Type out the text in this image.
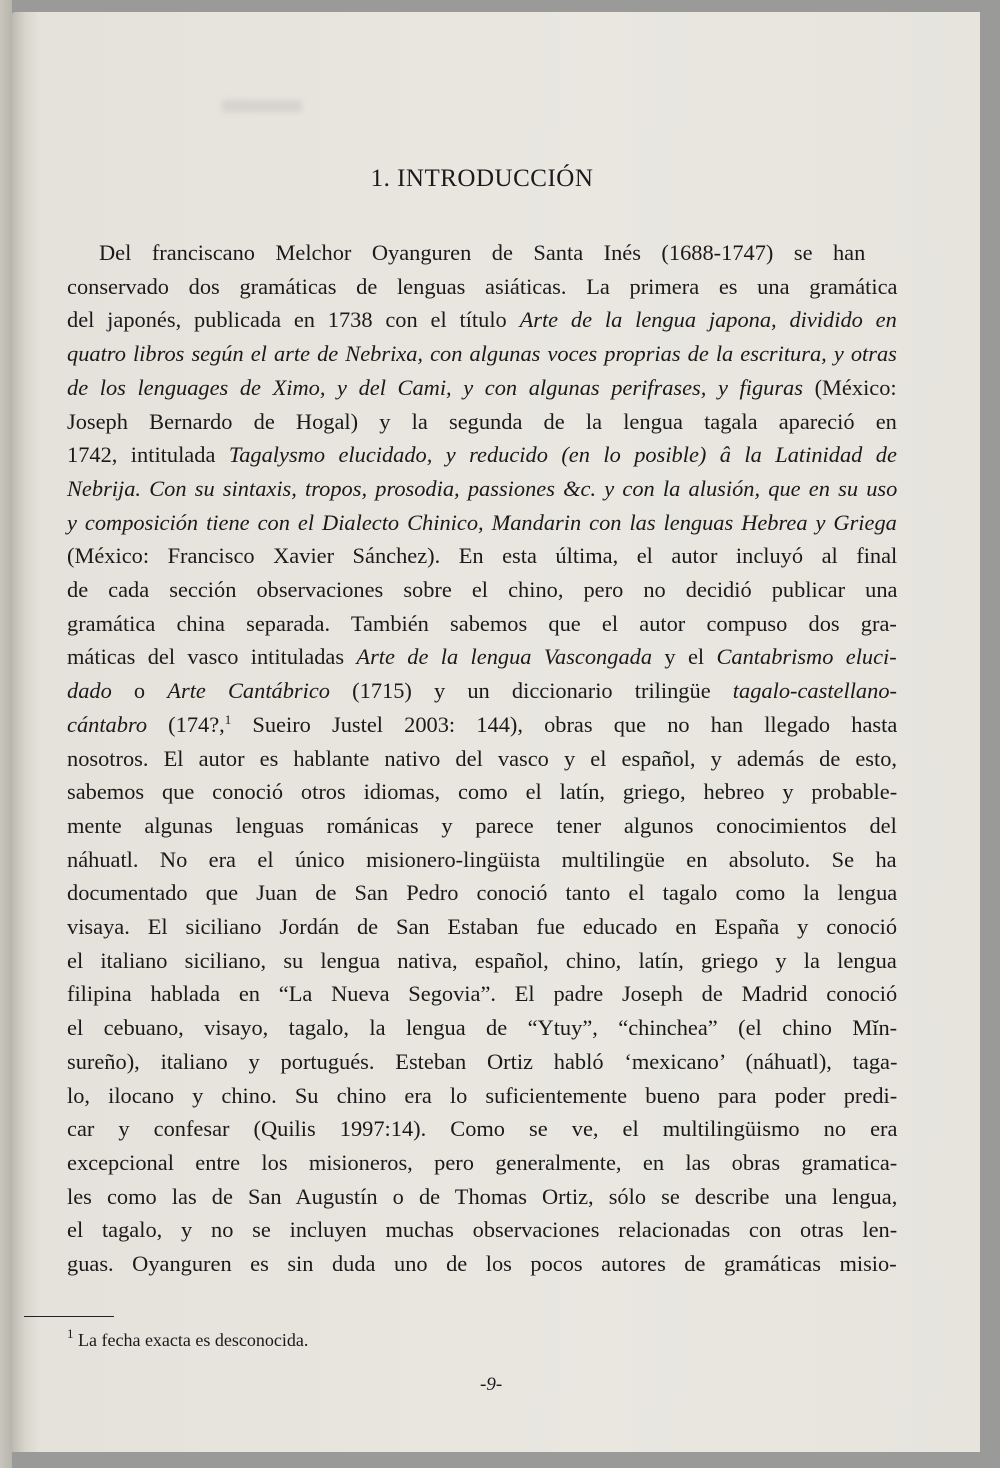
1. INTRODUCCIÓN
Del franciscano Melchor Oyanguren de Santa Inés (1688-1747) se han
conservado dos gramáticas de lenguas asiáticas. La primera es una gramática
del japonés, publicada en 1738 con el título Arte de la lengua japona, dividido en
quatro libros según el arte de Nebrixa, con algunas voces proprias de la escritura, y otras
de los lenguages de Ximo, y del Cami, y con algunas perifrases, y figuras (México:
Joseph Bernardo de Hogal) y la segunda de la lengua tagala apareció en
1742, intitulada Tagalysmo elucidado, y reducido (en lo posible) â la Latinidad de
Nebrija. Con su sintaxis, tropos, prosodia, passiones &c. y con la alusión, que en su uso
y composición tiene con el Dialecto Chinico, Mandarin con las lenguas Hebrea y Griega
(México: Francisco Xavier Sánchez). En esta última, el autor incluyó al final
de cada sección observaciones sobre el chino, pero no decidió publicar una
gramática china separada. También sabemos que el autor compuso dos gra-
máticas del vasco intituladas Arte de la lengua Vascongada y el Cantabrismo eluci-
dado o Arte Cantábrico (1715) y un diccionario trilingüe tagalo-castellano-
cántabro (174?,$^1$ Sueiro Justel 2003: 144), obras que no han llegado hasta
nosotros. El autor es hablante nativo del vasco y el español, y además de esto,
sabemos que conoció otros idiomas, como el latín, griego, hebreo y probable-
mente algunas lenguas románicas y parece tener algunos conocimientos del
náhuatl. No era el único misionero-lingüista multilingüe en absoluto. Se ha
documentado que Juan de San Pedro conoció tanto el tagalo como la lengua
visaya. El siciliano Jordán de San Estaban fue educado en España y conoció
el italiano siciliano, su lengua nativa, español, chino, latín, griego y la lengua
filipina hablada en “La Nueva Segovia”. El padre Joseph de Madrid conoció
el cebuano, visayo, tagalo, la lengua de “Ytuy”, “chinchea” (el chino Mĭn-
sureño), italiano y portugués. Esteban Ortiz habló ‘mexicano’ (náhuatl), taga-
lo, ilocano y chino. Su chino era lo suficientemente bueno para poder predi-
car y confesar (Quilis 1997:14). Como se ve, el multilingüismo no era
excepcional entre los misioneros, pero generalmente, en las obras gramatica-
les como las de San Augustín o de Thomas Ortiz, sólo se describe una lengua,
el tagalo, y no se incluyen muchas observaciones relacionadas con otras len-
guas. Oyanguren es sin duda uno de los pocos autores de gramáticas misio-
$^1$ La fecha exacta es desconocida.
-9-
